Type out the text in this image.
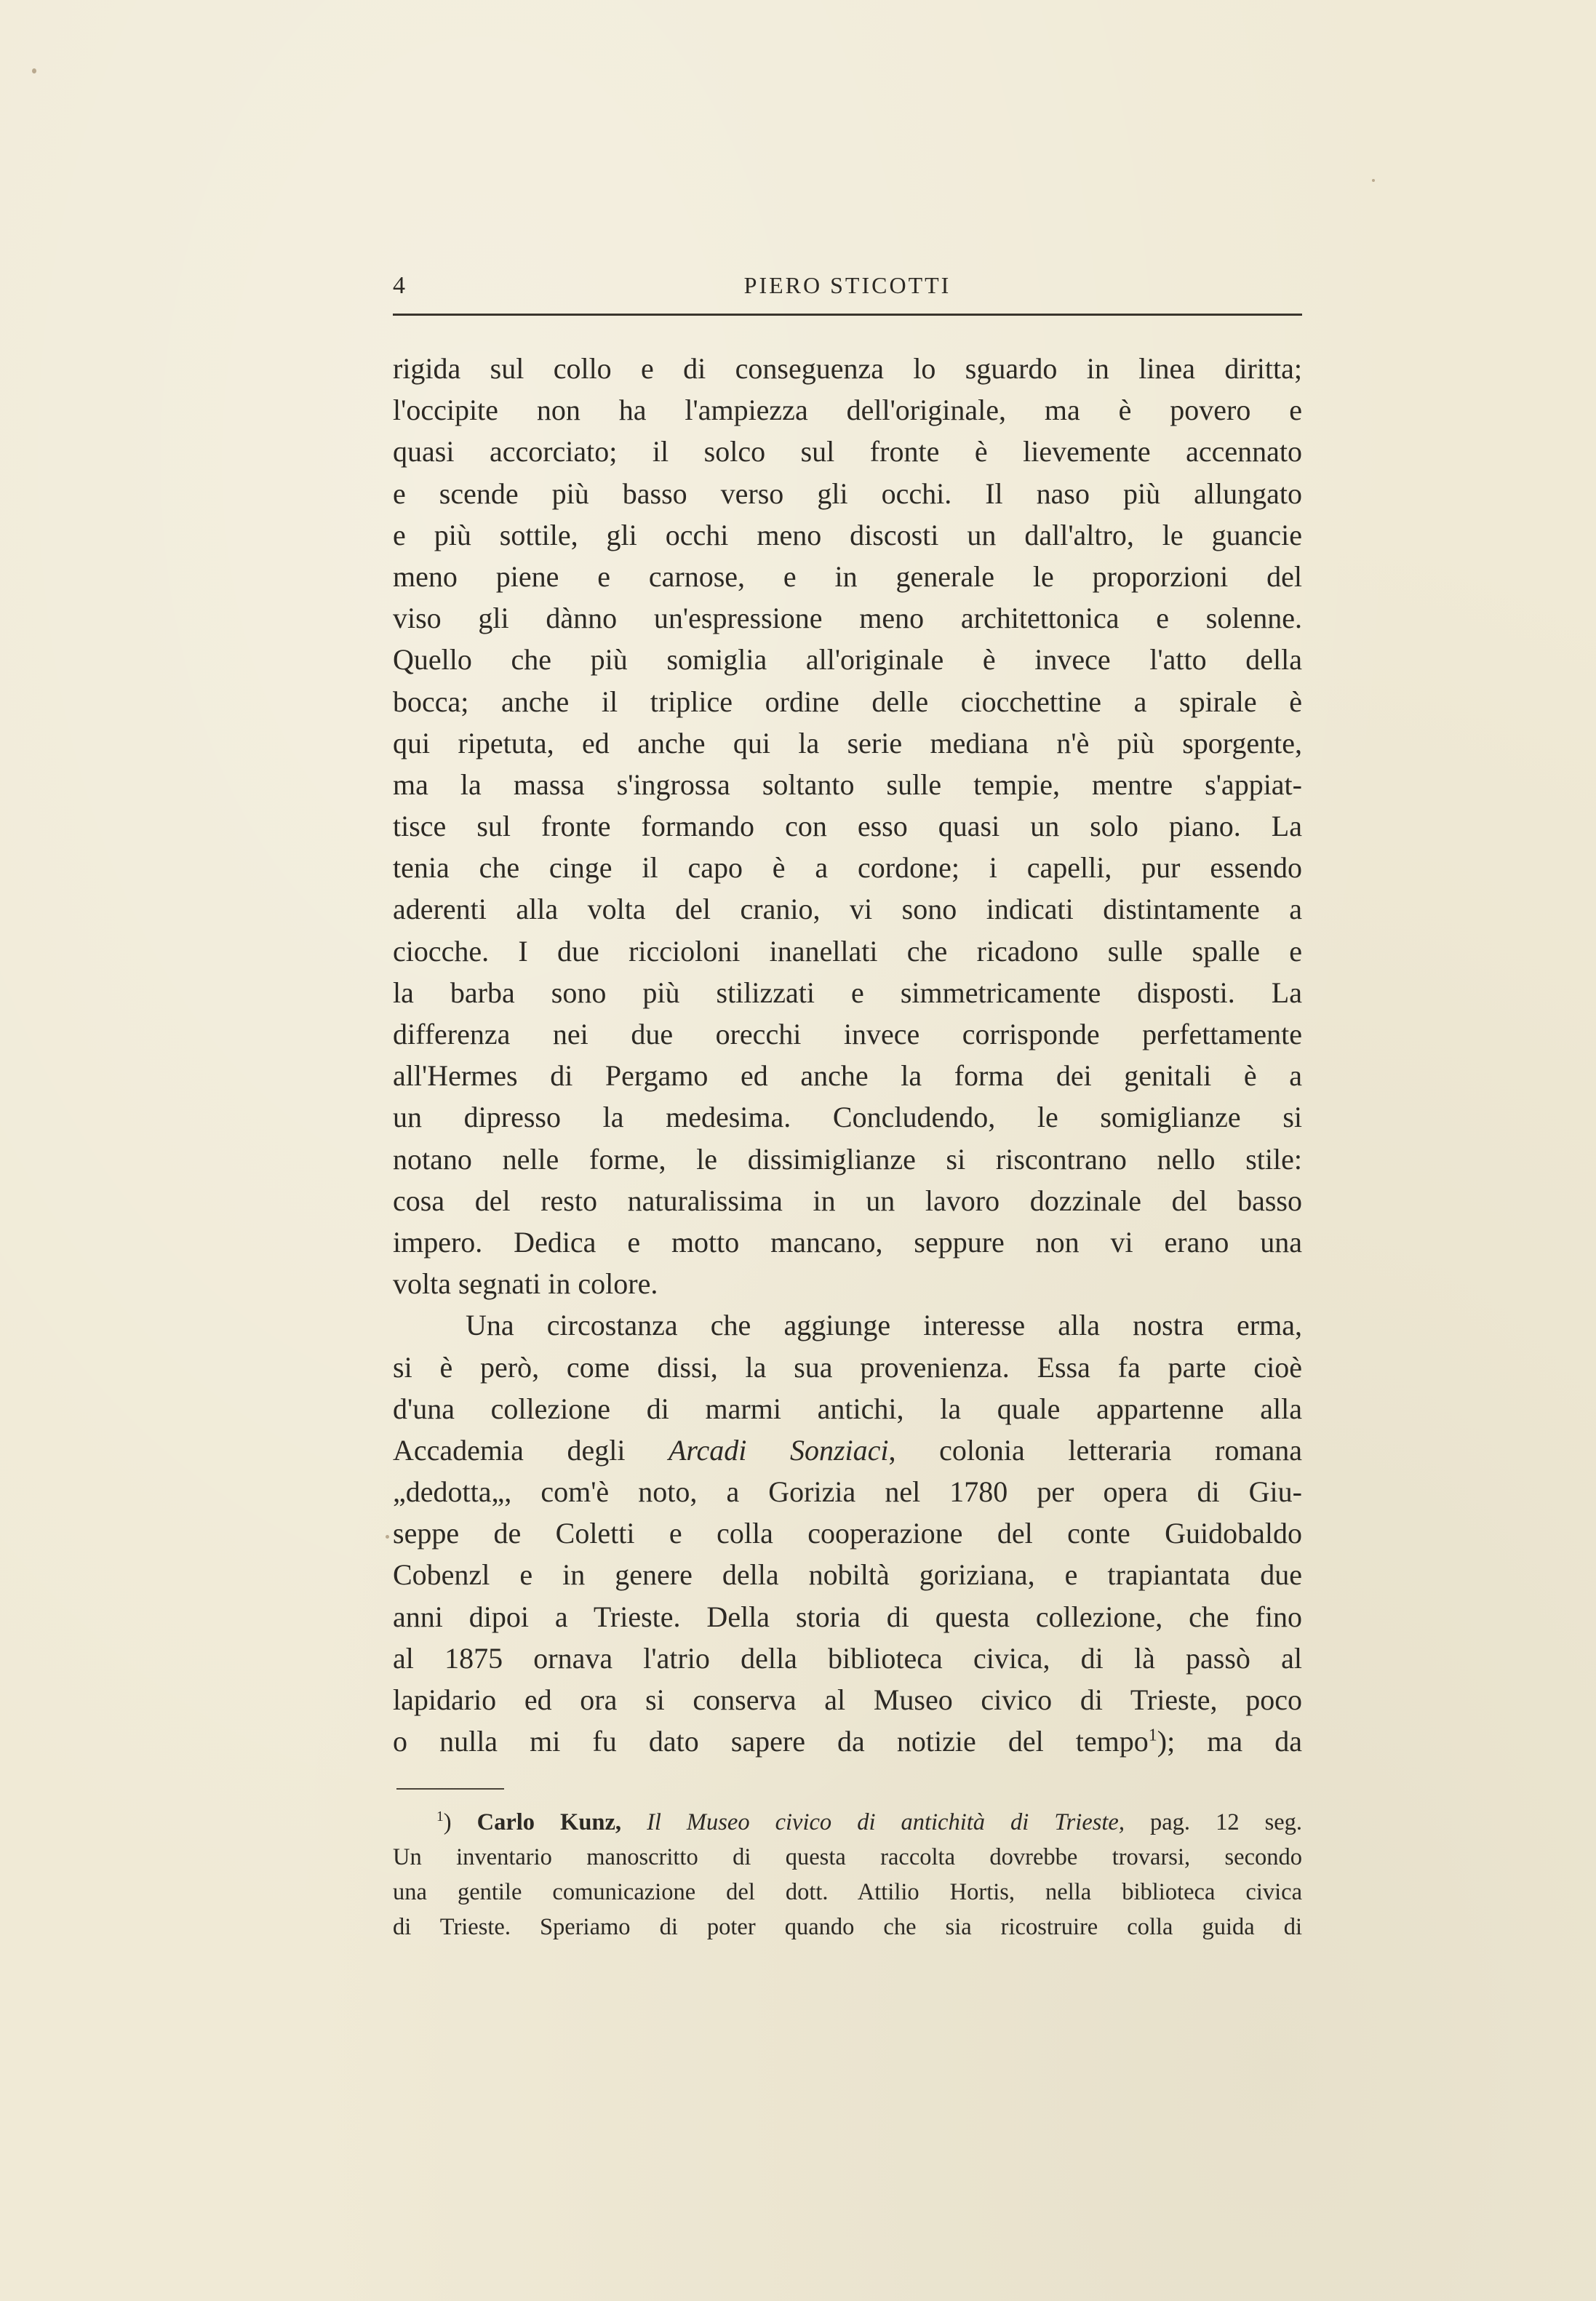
4	PIERO STICOTTI
rigida sul collo e di conseguenza lo sguardo in linea diritta;
l'occipite non ha l'ampiezza dell'originale, ma è povero e
quasi accorciato; il solco sul fronte è lievemente accennato
e scende più basso verso gli occhi. Il naso più allungato
e più sottile, gli occhi meno discosti un dall'altro, le guancie
meno piene e carnose, e in generale le proporzioni del
viso gli dànno un'espressione meno architettonica e solenne.
Quello che più somiglia all'originale è invece l'atto della
bocca; anche il triplice ordine delle ciocchettine a spirale è
qui ripetuta, ed anche qui la serie mediana n'è più sporgente,
ma la massa s'ingrossa soltanto sulle tempie, mentre s'appiat-
tisce sul fronte formando con esso quasi un solo piano. La
tenia che cinge il capo è a cordone; i capelli, pur essendo
aderenti alla volta del cranio, vi sono indicati distintamente a
ciocche. I due riccioloni inanellati che ricadono sulle spalle e
la barba sono più stilizzati e simmetricamente disposti. La
differenza nei due orecchi invece corrisponde perfettamente
all'Hermes di Pergamo ed anche la forma dei genitali è a
un dipresso la medesima. Concludendo, le somiglianze si
notano nelle forme, le dissimiglianze si riscontrano nello stile:
cosa del resto naturalissima in un lavoro dozzinale del basso
impero. Dedica e motto mancano, seppure non vi erano una
volta segnati in colore.
Una circostanza che aggiunge interesse alla nostra erma,
si è però, come dissi, la sua provenienza. Essa fa parte cioè
d'una collezione di marmi antichi, la quale appartenne alla
Accademia degli Arcadi Sonziaci, colonia letteraria romana
„dedotta„, com'è noto, a Gorizia nel 1780 per opera di Giu-
seppe de Coletti e colla cooperazione del conte Guidobaldo
Cobenzl e in genere della nobiltà goriziana, e trapiantata due
anni dipoi a Trieste. Della storia di questa collezione, che fino
al 1875 ornava l'atrio della biblioteca civica, di là passò al
lapidario ed ora si conserva al Museo civico di Trieste, poco
o nulla mi fu dato sapere da notizie del tempo$^1$); ma da
$^1$) Carlo Kunz, Il Museo civico di antichità di Trieste, pag. 12 seg.
Un inventario manoscritto di questa raccolta dovrebbe trovarsi, secondo
una gentile comunicazione del dott. Attilio Hortis, nella biblioteca civica
di Trieste. Speriamo di poter quando che sia ricostruire colla guida di
